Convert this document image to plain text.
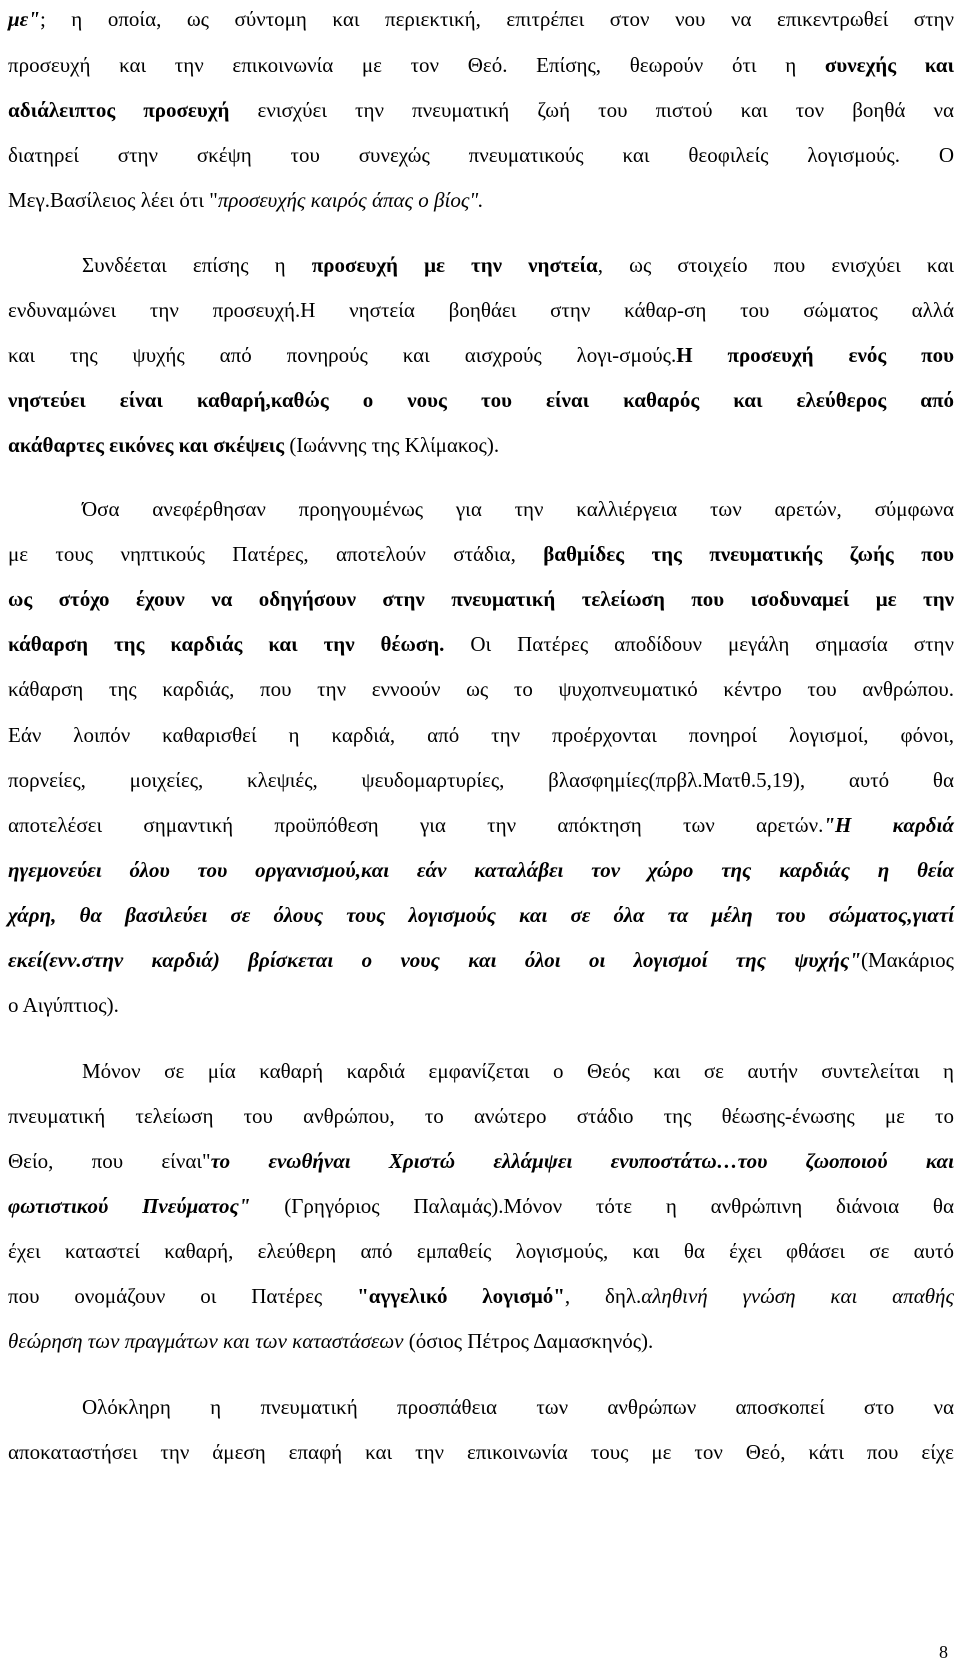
με"; η οποία, ως σύντομη και περιεκτική, επιτρέπει στον νου να επικεντρωθεί στην
προσευχή και την επικοινωνία με τον Θεό. Επίσης, θεωρούν ότι η συνεχής και
αδιάλειπτος προσευχή ενισχύει την πνευματική ζωή του πιστού και τον βοηθά να
διατηρεί στην σκέψη του συνεχώς πνευματικούς και θεοφιλείς λογισμούς. Ο
Μεγ.Βασίλειος λέει ότι "προσευχής καιρός άπας ο βίος".
Συνδέεται επίσης η προσευχή με την νηστεία, ως στοιχείο που ενισχύει και
ενδυναμώνει την προσευχή.Η νηστεία βοηθάει στην κάθαρ-ση του σώματος αλλά
και της ψυχής από πονηρούς και αισχρούς λογι-σμούς.Η προσευχή ενός που
νηστεύει είναι καθαρή,καθώς ο νους του είναι καθαρός και ελεύθερος από
ακάθαρτες εικόνες και σκέψεις (Ιωάννης της Κλίμακος).
Όσα ανεφέρθησαν προηγουμένως για την καλλιέργεια των αρετών, σύμφωνα
με τους νηπτικούς Πατέρες, αποτελούν στάδια, βαθμίδες της πνευματικής ζωής που
ως στόχο έχουν να οδηγήσουν στην πνευματική τελείωση που ισοδυναμεί με την
κάθαρση της καρδιάς και την θέωση. Οι Πατέρες αποδίδουν μεγάλη σημασία στην
κάθαρση της καρδιάς, που την εννοούν ως το ψυχοπνευματικό κέντρο του ανθρώπου.
Εάν λοιπόν καθαρισθεί η καρδιά, από την προέρχονται πονηροί λογισμοί, φόνοι,
πορνείες, μοιχείες, κλεψιές, ψευδομαρτυρίες, βλασφημίες(πρβλ.Ματθ.5,19), αυτό θα
αποτελέσει σημαντική προϋπόθεση για την απόκτηση των αρετών."Η καρδιά
ηγεμονεύει όλου του οργανισμού,και εάν καταλάβει τον χώρο της καρδιάς η θεία
χάρη, θα βασιλεύει σε όλους τους λογισμούς και σε όλα τα μέλη του σώματος,γιατί
εκεί(ενν.στην καρδιά) βρίσκεται ο νους και όλοι οι λογισμοί της ψυχής"(Μακάριος
ο Αιγύπτιος).
Μόνον σε μία καθαρή καρδιά εμφανίζεται ο Θεός και σε αυτήν συντελείται η
πνευματική τελείωση του ανθρώπου, το ανώτερο στάδιο της θέωσης-ένωσης με το
Θείο, που είναι"το ενωθήναι Χριστώ ελλάμψει ενυποστάτω…του ζωοποιού και
φωτιστικού Πνεύματος" (Γρηγόριος Παλαμάς).Μόνον τότε η ανθρώπινη διάνοια θα
έχει καταστεί καθαρή, ελεύθερη από εμπαθείς λογισμούς, και θα έχει φθάσει σε αυτό
που ονομάζουν οι Πατέρες "αγγελικό λογισμό", δηλ.αληθινή γνώση και απαθής
θεώρηση των πραγμάτων και των καταστάσεων (όσιος Πέτρος Δαμασκηνός).
Ολόκληρη η πνευματική προσπάθεια των ανθρώπων αποσκοπεί στο να
αποκαταστήσει την άμεση επαφή και την επικοινωνία τους με τον Θεό, κάτι που είχε
8
